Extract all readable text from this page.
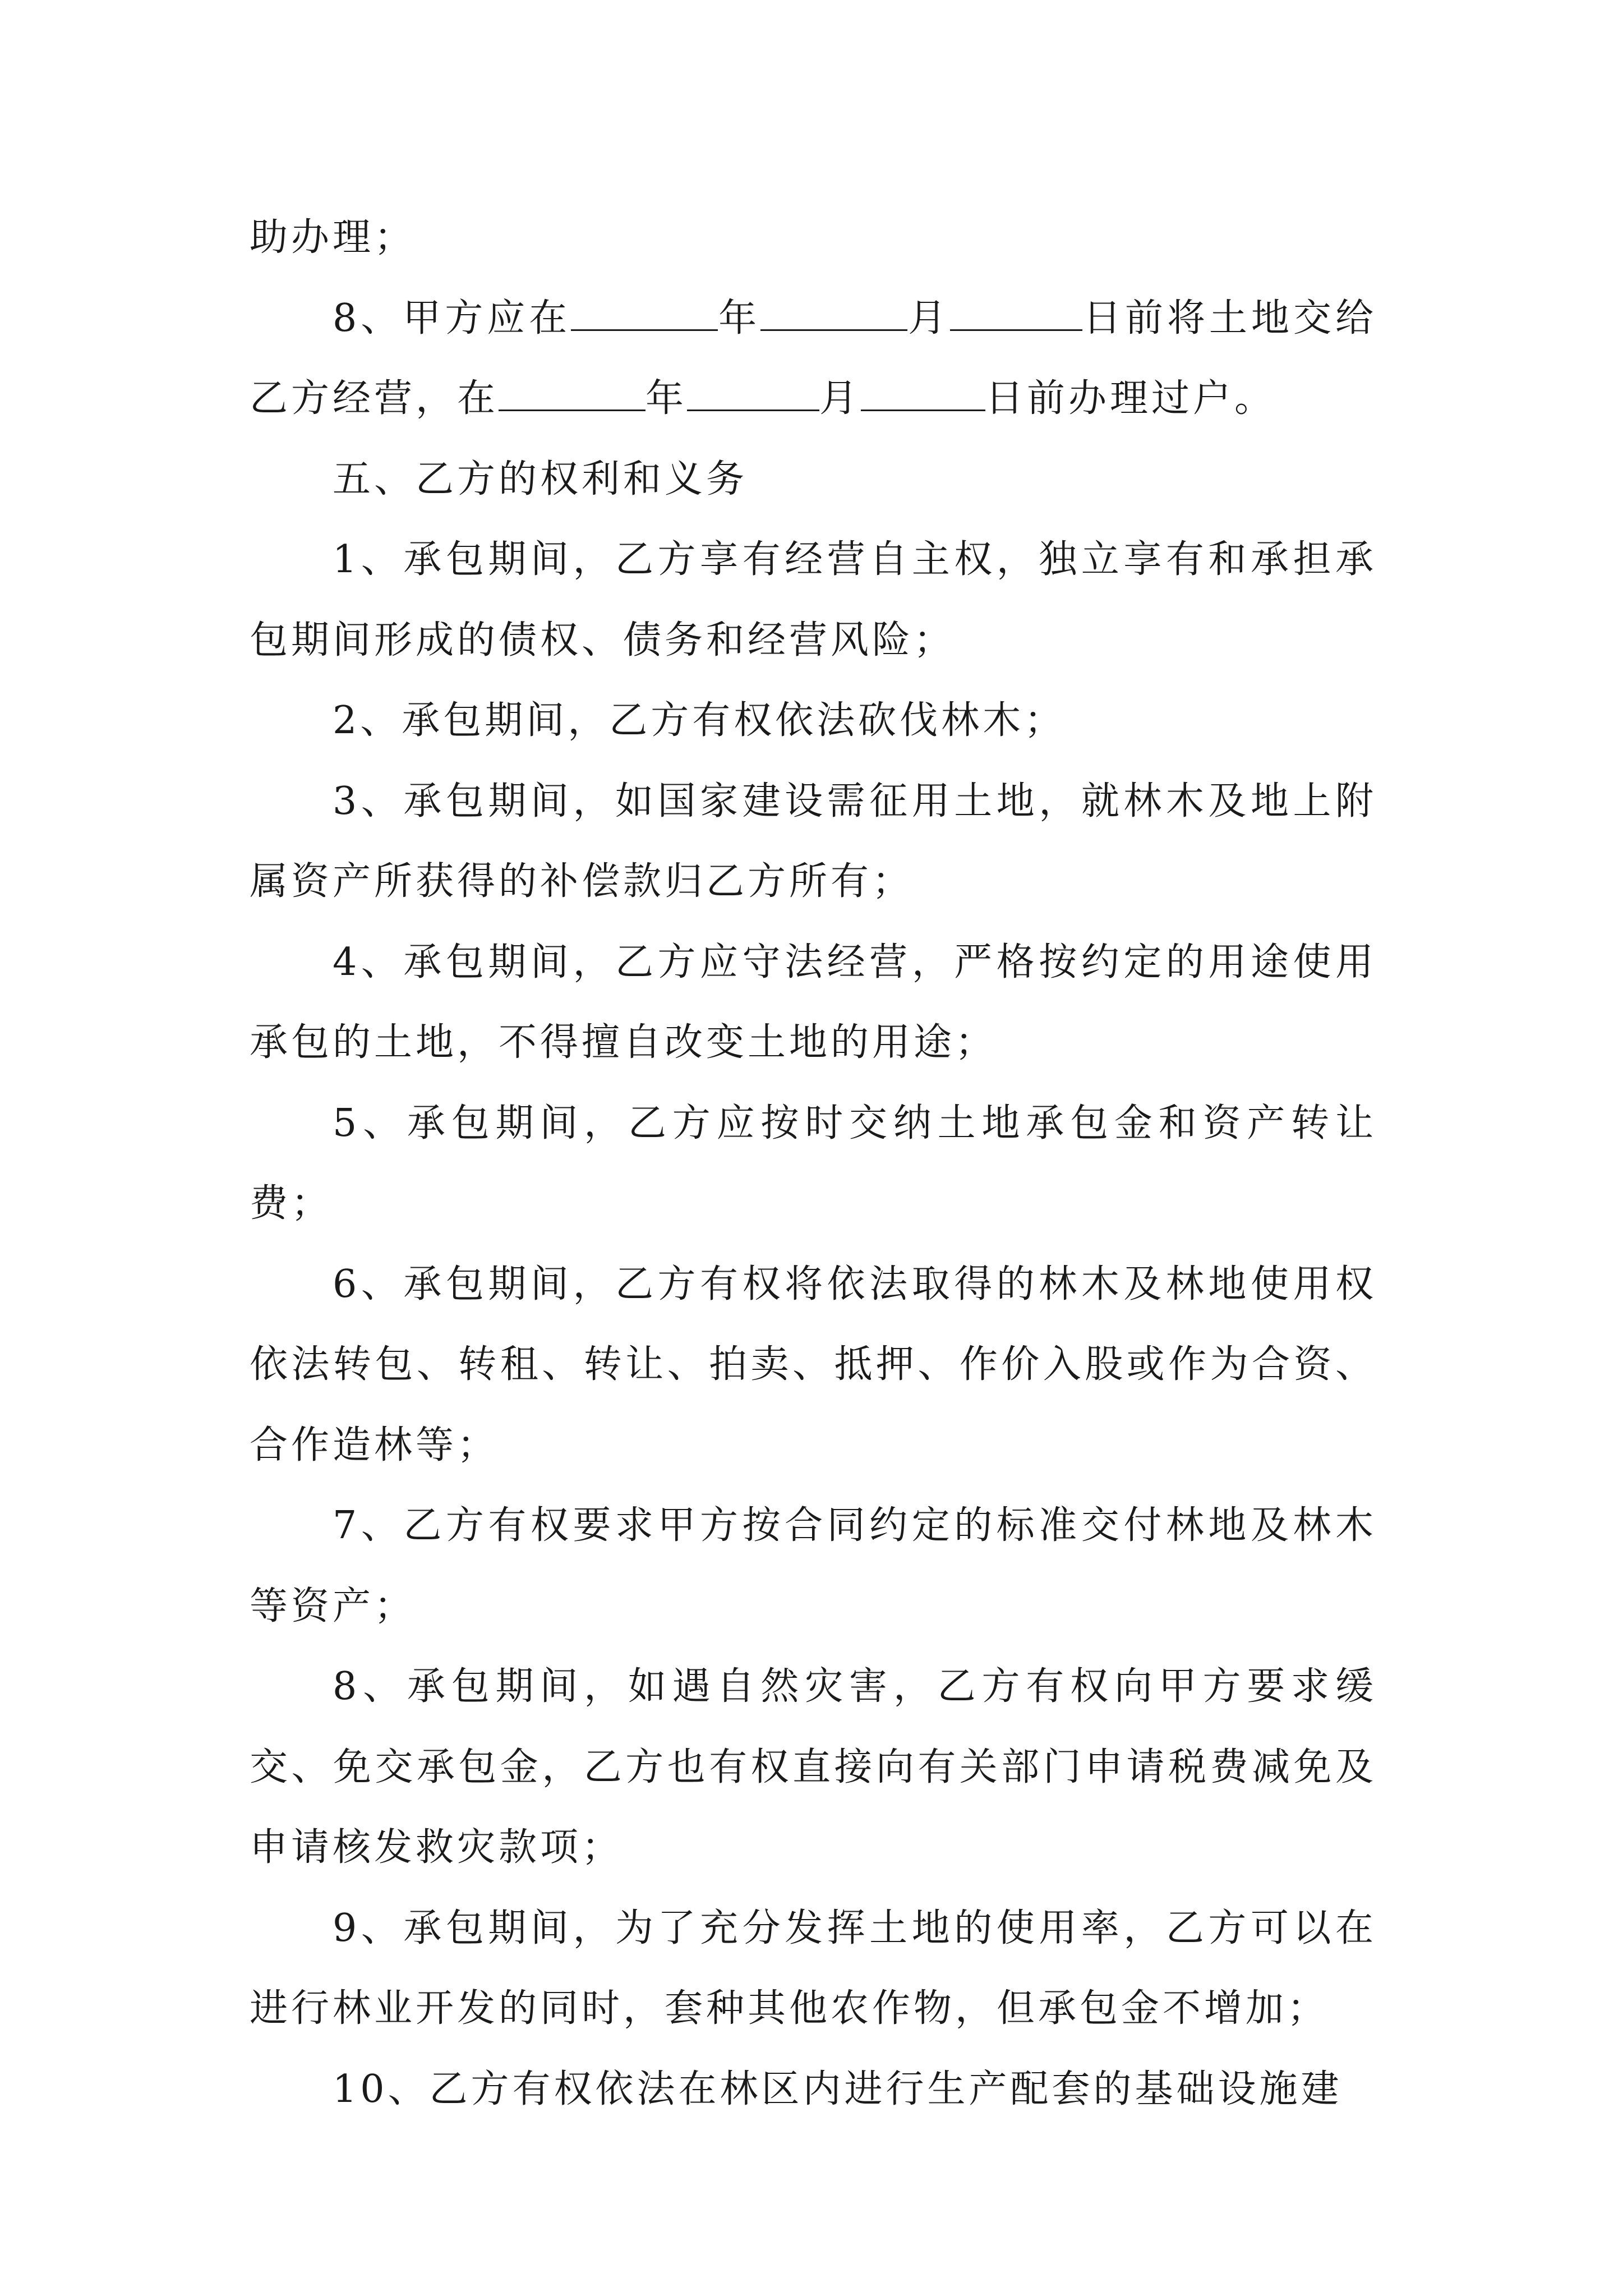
助办理；

8、甲方应在	年	月	日前将土地交给乙方经营，在	年	月	日前办理过户。

五、乙方的权利和义务

1、承包期间，乙方享有经营自主权，独立享有和承担承包期间形成的债权、债务和经营风险；

2、承包期间，乙方有权依法砍伐林木；

3、承包期间，如国家建设需征用土地，就林木及地上附属资产所获得的补偿款归乙方所有；

4、承包期间，乙方应守法经营，严格按约定的用途使用承包的土地，不得擅自改变土地的用途；

5、承包期间，乙方应按时交纳土地承包金和资产转让费；

6、承包期间，乙方有权将依法取得的林木及林地使用权依法转包、转租、转让、拍卖、抵押、作价入股或作为合资、合作造林等；

7、乙方有权要求甲方按合同约定的标准交付林地及林木等资产；

8、承包期间，如遇自然灾害，乙方有权向甲方要求缓交、免交承包金，乙方也有权直接向有关部门申请税费减免及申请核发救灾款项；

9、承包期间，为了充分发挥土地的使用率，乙方可以在进行林业开发的同时，套种其他农作物，但承包金不增加；

10、乙方有权依法在林区内进行生产配套的基础设施建
